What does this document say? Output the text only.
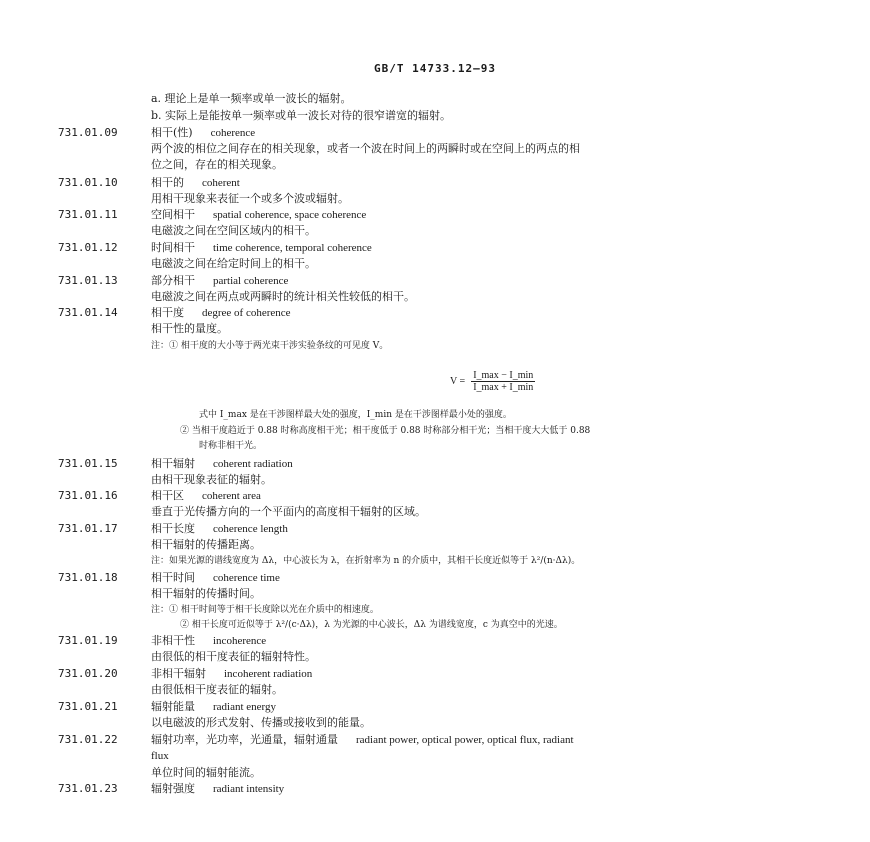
GB/T 14733.12—93
a. 理论上是单一频率或单一波长的辐射。
b. 实际上是能按单一频率或单一波长对待的很窄谱宽的辐射。
731.01.09	相干(性) coherence
两个波的相位之间存在的相关现象，或者一个波在时间上的两瞬时或在空间上的两点的相
位之间，存在的相关现象。
731.01.10	相干的 coherent
用相干现象来表征一个或多个波或辐射。
731.01.11	空间相干 spatial coherence, space coherence
电磁波之间在空间区域内的相干。
731.01.12	时间相干 time coherence, temporal coherence
电磁波之间在给定时间上的相干。
731.01.13	部分相干 partial coherence
电磁波之间在两点或两瞬时的统计相关性较低的相干。
731.01.14	相干度 degree of coherence
相干性的量度。
注：① 相干度的大小等于两光束干涉实验条纹的可见度 V。
$V = \frac{I\_\max - I\_\min}{I\_\max + I\_\min}$
式中 I_max 是在干涉图样最大处的强度，I_min 是在干涉图样最小处的强度。
② 当相干度趋近于 0.88 时称高度相干光；相干度低于 0.88 时称部分相干光；当相干度大大低于 0.88
时称非相干光。
731.01.15	相干辐射 coherent radiation
由相干现象表征的辐射。
731.01.16	相干区 coherent area
垂直于光传播方向的一个平面内的高度相干辐射的区域。
731.01.17	相干长度 coherence length
相干辐射的传播距离。
注：如果光源的谱线宽度为 Δλ，中心波长为 λ，在折射率为 n 的介质中，其相干长度近似等于 λ²/(n·Δλ)。
731.01.18	相干时间 coherence time
相干辐射的传播时间。
注：① 相干时间等于相干长度除以光在介质中的相速度。
② 相干长度可近似等于 λ²/(c·Δλ)，λ 为光源的中心波长，Δλ 为谱线宽度，c 为真空中的光速。
731.01.19	非相干性 incoherence
由很低的相干度表征的辐射特性。
731.01.20	非相干辐射 incoherent radiation
由很低相干度表征的辐射。
731.01.21	辐射能量 radiant energy
以电磁波的形式发射、传播或接收到的能量。
731.01.22	辐射功率，光功率，光通量，辐射通量 radiant power, optical power, optical flux, radiant
flux
单位时间的辐射能流。
731.01.23	辐射强度 radiant intensity
